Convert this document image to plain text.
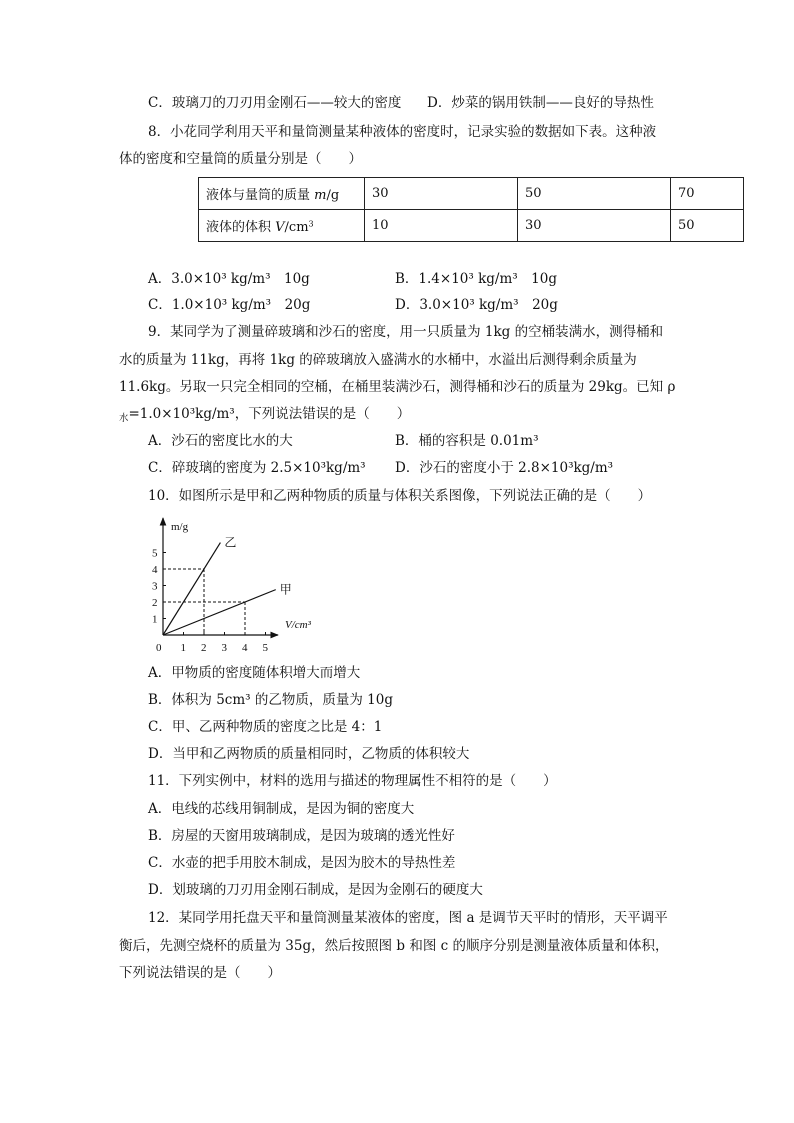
C．玻璃刀的刀刃用金刚石——较大的密度 D．炒菜的锅用铁制——良好的导热性
8．小花同学利用天平和量筒测量某种液体的密度时，记录实验的数据如下表。这种液
体的密度和空量筒的质量分别是（　　）
液体与量筒的质量 m/g	30	50	70
液体的体积 $V/cm^3$	10	30	50
A．3.0×10³ kg/m³　10g	B．1.4×10³ kg/m³　10g
C．1.0×10³ kg/m³　20g	D．3.0×10³ kg/m³　20g
9．某同学为了测量碎玻璃和沙石的密度，用一只质量为 1kg 的空桶装满水，测得桶和
水的质量为 11kg，再将 1kg 的碎玻璃放入盛满水的水桶中，水溢出后测得剩余质量为
11.6kg。另取一只完全相同的空桶，在桶里装满沙石，测得桶和沙石的质量为 29kg。已知 ρ
$_水$=1.0×10³kg/m³，下列说法错误的是（　　）
A．沙石的密度比水的大	B．桶的容积是 0.01m³
C．碎玻璃的密度为 2.5×10³kg/m³ D．沙石的密度小于 2.8×10³kg/m³
10．如图所示是甲和乙两种物质的质量与体积关系图像，下列说法正确的是（　　）
乙
甲
1
2
3
4
5
0 1 2 3 4 5
m/g
V/cm³
A．甲物质的密度随体积增大而增大
B．体积为 5cm³ 的乙物质，质量为 10g
C．甲、乙两种物质的密度之比是 4：1
D．当甲和乙两物质的质量相同时，乙物质的体积较大
11．下列实例中，材料的选用与描述的物理属性不相符的是（　　）
A．电线的芯线用铜制成，是因为铜的密度大
B．房屋的天窗用玻璃制成，是因为玻璃的透光性好
C．水壶的把手用胶木制成，是因为胶木的导热性差
D．划玻璃的刀刃用金刚石制成，是因为金刚石的硬度大
12．某同学用托盘天平和量筒测量某液体的密度，图 a 是调节天平时的情形，天平调平
衡后，先测空烧杯的质量为 35g，然后按照图 b 和图 c 的顺序分别是测量液体质量和体积，
下列说法错误的是（　　）
